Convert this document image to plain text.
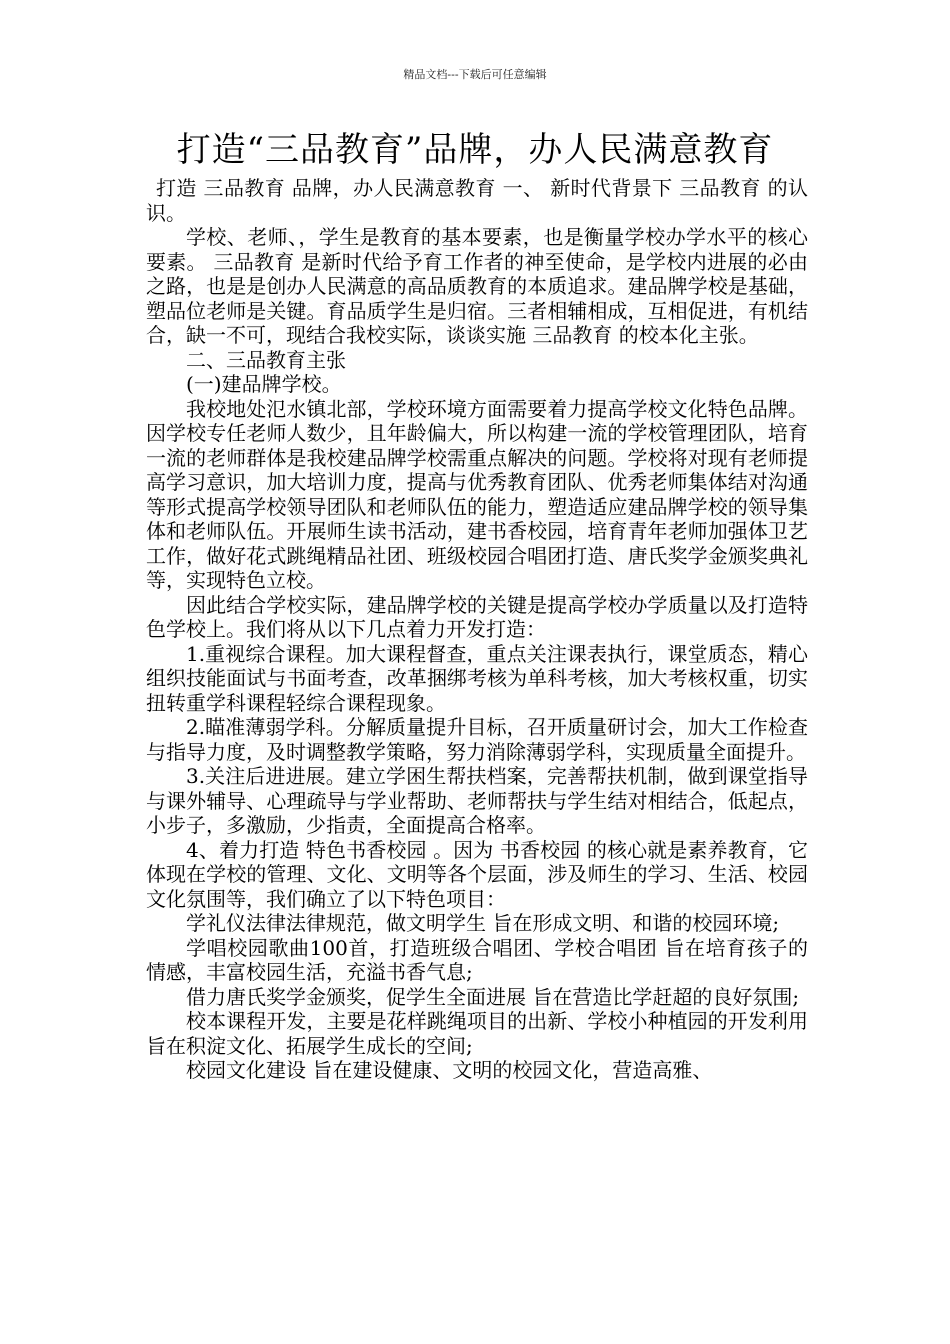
精品文档---下载后可任意编辑
打造“三品教育”品牌，办人民满意教育

打造 三品教育 品牌，办人民满意教育 一、 新时代背景下 三品教育 的认识。

学校、老师、，学生是教育的基本要素，也是衡量学校办学水平的核心要素。 三品教育 是新时代给予育工作者的神至使命，是学校内进展的必由之路，也是是创办人民满意的高品质教育的本质追求。建品牌学校是基础，塑品位老师是关键。育品质学生是归宿。三者相辅相成，互相促进，有机结合，缺一不可，现结合我校实际，谈谈实施 三品教育 的校本化主张。

二、三品教育主张

(一)建品牌学校。

我校地处氾水镇北部，学校环境方面需要着力提高学校文化特色品牌。因学校专任老师人数少，且年龄偏大，所以构建一流的学校管理团队，培育一流的老师群体是我校建品牌学校需重点解决的问题。学校将对现有老师提高学习意识，加大培训力度，提高与优秀教育团队、优秀老师集体结对沟通等形式提高学校领导团队和老师队伍的能力，塑造适应建品牌学校的领导集体和老师队伍。开展师生读书活动，建书香校园，培育青年老师加强体卫艺工作，做好花式跳绳精品社团、班级校园合唱团打造、唐氏奖学金颁奖典礼等，实现特色立校。

因此结合学校实际，建品牌学校的关键是提高学校办学质量以及打造特色学校上。我们将从以下几点着力开发打造：

1.重视综合课程。加大课程督查，重点关注课表执行，课堂质态，精心组织技能面试与书面考查，改革捆绑考核为单科考核，加大考核权重，切实扭转重学科课程轻综合课程现象。

2.瞄准薄弱学科。分解质量提升目标，召开质量研讨会，加大工作检查与指导力度，及时调整教学策略，努力消除薄弱学科，实现质量全面提升。

3.关注后进进展。建立学困生帮扶档案，完善帮扶机制，做到课堂指导与课外辅导、心理疏导与学业帮助、老师帮扶与学生结对相结合，低起点，小步子，多激励，少指责，全面提高合格率。

4、着力打造 特色书香校园 。因为 书香校园 的核心就是素养教育，它体现在学校的管理、文化、文明等各个层面，涉及师生的学习、生活、校园文化氛围等，我们确立了以下特色项目：

学礼仪法律法律规范，做文明学生 旨在形成文明、和谐的校园环境;

学唱校园歌曲100首，打造班级合唱团、学校合唱团 旨在培育孩子的情感，丰富校园生活，充溢书香气息;

借力唐氏奖学金颁奖，促学生全面进展 旨在营造比学赶超的良好氛围;

校本课程开发，主要是花样跳绳项目的出新、学校小种植园的开发利用 旨在积淀文化、拓展学生成长的空间;

校园文化建设 旨在建设健康、文明的校园文化，营造高雅、
